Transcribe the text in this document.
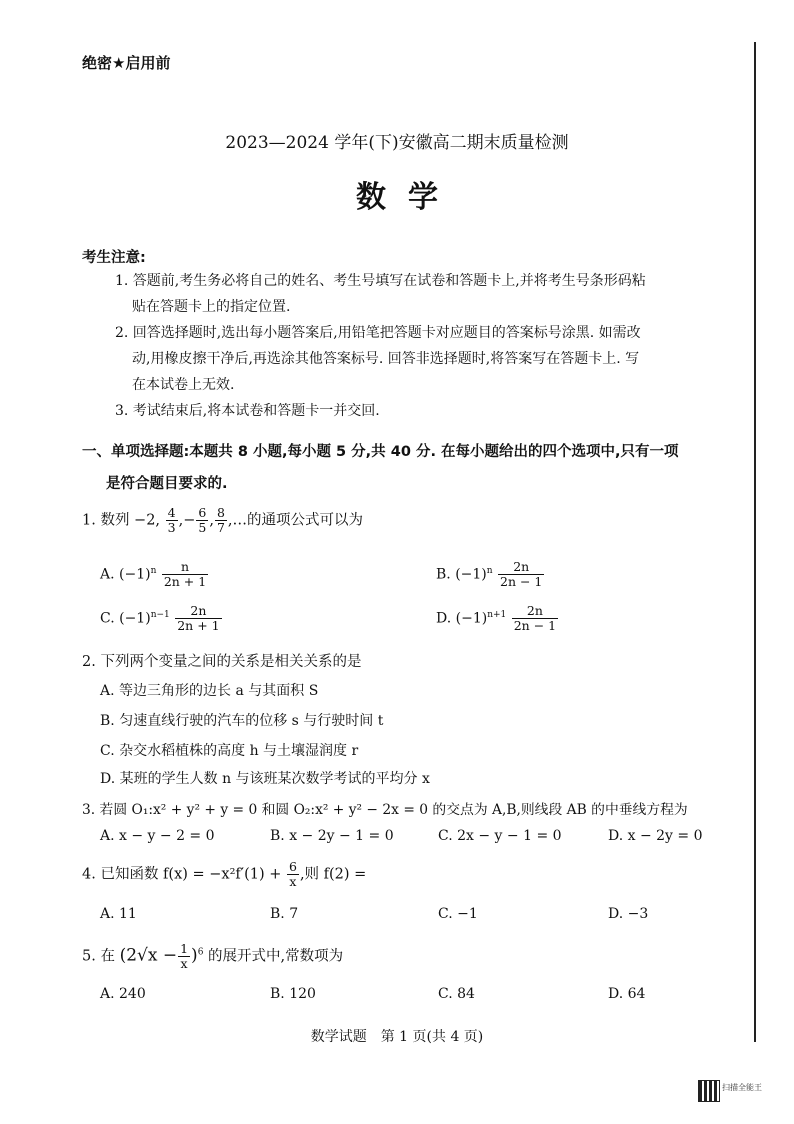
绝密★启用前
2023—2024 学年(下)安徽高二期末质量检测
数学
考生注意:
1. 答题前,考生务必将自己的姓名、考生号填写在试卷和答题卡上,并将考生号条形码粘
贴在答题卡上的指定位置.
2. 回答选择题时,选出每小题答案后,用铅笔把答题卡对应题目的答案标号涂黑. 如需改
动,用橡皮擦干净后,再选涂其他答案标号. 回答非选择题时,将答案写在答题卡上. 写
在本试卷上无效.
3. 考试结束后,将本试卷和答题卡一并交回.
一、单项选择题:本题共 8 小题,每小题 5 分,共 40 分. 在每小题给出的四个选项中,只有一项
是符合题目要求的.
1. 数列 −2, $\frac{4}{3}$ ,− $\frac{6}{5}$ , $\frac{8}{7}$ ,…的通项公式可以为
A. $(-1)^n \frac{n}{2n + 1}$	B. $(-1)^n \frac{2n}{2n - 1}$
C. $(-1)^{n-1} \frac{2n}{2n + 1}$	D. $(-1)^{n+1} \frac{2n}{2n - 1}$
2. 下列两个变量之间的关系是相关关系的是
A. 等边三角形的边长 a 与其面积 S
B. 匀速直线行驶的汽车的位移 s 与行驶时间 t
C. 杂交水稻植株的高度 h 与土壤湿润度 r
D. 某班的学生人数 n 与该班某次数学考试的平均分 x
3. 若圆 O₁:x² + y² + y = 0 和圆 O₂:x² + y² − 2x = 0 的交点为 A,B,则线段 AB 的中垂线方程为
A. x − y − 2 = 0	B. x − 2y − 1 = 0	C. 2x − y − 1 = 0	D. x − 2y = 0
4. 已知函数 $f(x) = -x^2f'(1) + \frac{6}{x}$ ,则 f(2) =
A. 11	B. 7	C. −1	D. −3
5. 在 $(2√x - \frac{1}{x} )^6$ 的展开式中,常数项为
A. 240	B. 120	C. 84	D. 64
数学试题　第 1 页(共 4 页)
扫描全能王
